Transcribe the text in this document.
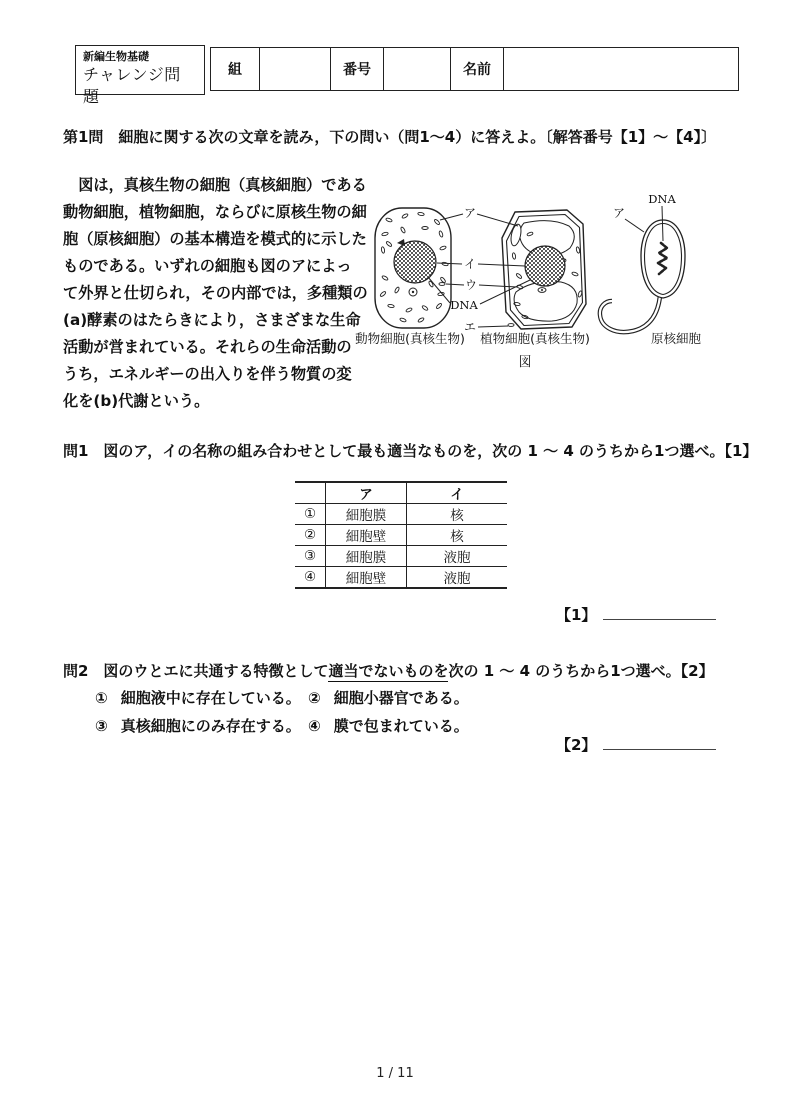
新編生物基礎
チャレンジ問題
組		番号		名前	
第1問　細胞に関する次の文章を読み，下の問い（問1～4）に答えよ。〔解答番号【1】～【4】〕
　図は，真核生物の細胞（真核細胞）である
動物細胞，植物細胞，ならびに原核生物の細
胞（原核細胞）の基本構造を模式的に示した
ものである。いずれの細胞も図のアによっ
て外界と仕切られ，その内部では，多種類の
(a)酵素のはたらきにより，さまざまな生命
活動が営まれている。それらの生命活動の
うち，エネルギーの出入りを伴う物質の変
化を(b)代謝という。
ア
イ
ウ
DNA
エ
DNA
ア
動物細胞(真核生物) 植物細胞(真核生物)	原核細胞
図
問1　図のア，イの名称の組み合わせとして最も適当なものを，次の 1 ～ 4 のうちから1つ選べ。【1】
	ア	イ
①	細胞膜	核
②	細胞壁	核
③	細胞膜	液胞
④	細胞壁	液胞
【1】
問2　図のウとエに共通する特徴として適当でないものを次の 1 ～ 4 のうちから1つ選べ。【2】
① 細胞液中に存在している。 ② 細胞小器官である。
③ 真核細胞にのみ存在する。 ④ 膜で包まれている。
【2】
1 / 11
